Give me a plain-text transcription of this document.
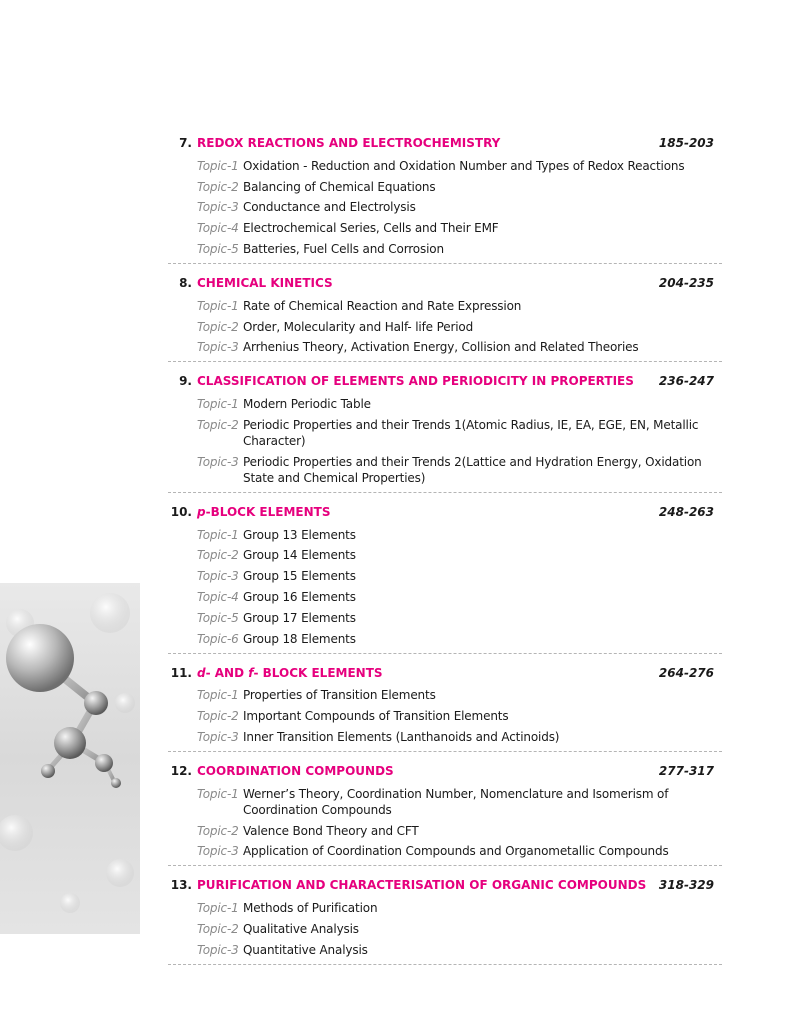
7. REDOX REACTIONS AND ELECTROCHEMISTRY	185-203
Topic-1 Oxidation - Reduction and Oxidation Number and Types of Redox Reactions
Topic-2 Balancing of Chemical Equations
Topic-3 Conductance and Electrolysis
Topic-4 Electrochemical Series, Cells and Their EMF
Topic-5 Batteries, Fuel Cells and Corrosion
8. CHEMICAL KINETICS	204-235
Topic-1 Rate of Chemical Reaction and Rate Expression
Topic-2 Order, Molecularity and Half- life Period
Topic-3 Arrhenius Theory, Activation Energy, Collision and Related Theories
9. CLASSIFICATION OF ELEMENTS AND PERIODICITY IN PROPERTIES 236-247
Topic-1 Modern Periodic Table
Topic-2 Periodic Properties and their Trends 1(Atomic Radius, IE, EA, EGE, EN, Metallic Character)
Topic-3 Periodic Properties and their Trends 2(Lattice and Hydration Energy, Oxidation State and Chemical Properties)
10. p-BLOCK ELEMENTS	248-263
Topic-1 Group 13 Elements
Topic-2 Group 14 Elements
Topic-3 Group 15 Elements
Topic-4 Group 16 Elements
Topic-5 Group 17 Elements
Topic-6 Group 18 Elements
11. d- AND f- BLOCK ELEMENTS	264-276
Topic-1 Properties of Transition Elements
Topic-2 Important Compounds of Transition Elements
Topic-3 Inner Transition Elements (Lanthanoids and Actinoids)
12. COORDINATION COMPOUNDS	277-317
Topic-1 Werner’s Theory, Coordination Number, Nomenclature and Isomerism of Coordination Compounds
Topic-2 Valence Bond Theory and CFT
Topic-3 Application of Coordination Compounds and Organometallic Compounds
13. PURIFICATION AND CHARACTERISATION OF ORGANIC COMPOUNDS 318-329
Topic-1 Methods of Purification
Topic-2 Qualitative Analysis
Topic-3 Quantitative Analysis
